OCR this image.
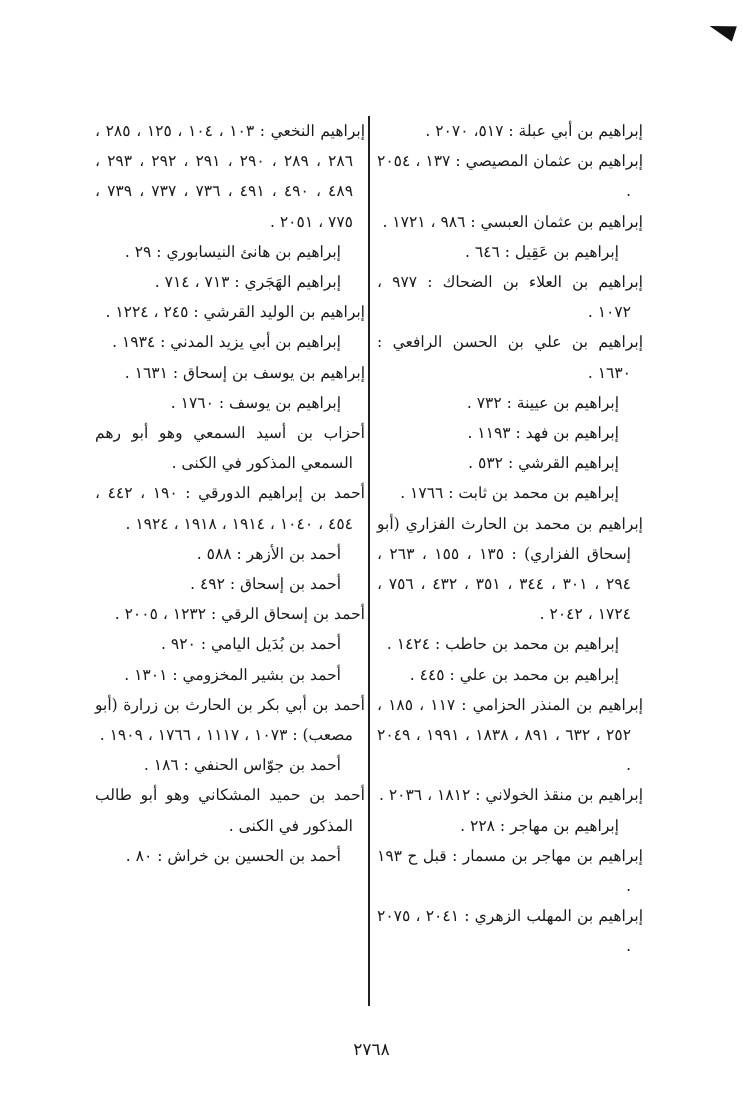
إبراهيم بن أبي عبلة : ٥١٧، ٢٠٧٠ .

إبراهيم بن عثمان المصيصي : ١٣٧ ، ٢٠٥٤ .

إبراهيم بن عثمان العبسي : ٩٨٦ ، ١٧٢١ .

إبراهيم بن عَقِيل : ٦٤٦ .

إبراهيم بن العلاء بن الضحاك : ٩٧٧ ، ١٠٧٢ .

إبراهيم بن علي بن الحسن الرافعي : ١٦٣٠ .

إبراهيم بن عيينة : ٧٣٢ .

إبراهيم بن فهد : ١١٩٣ .

إبراهيم القرشي : ٥٣٢ .

إبراهيم بن محمد بن ثابت : ١٧٦٦ .

إبراهيم بن محمد بن الحارث الفزاري (أبو إسحاق الفزاري) : ١٣٥ ، ١٥٥ ، ٢٦٣ ، ٢٩٤ ، ٣٠١ ، ٣٤٤ ، ٣٥١ ، ٤٣٢ ، ٧٥٦ ، ١٧٢٤ ، ٢٠٤٢ .

إبراهيم بن محمد بن حاطب : ١٤٢٤ .

إبراهيم بن محمد بن علي : ٤٤٥ .

إبراهيم بن المنذر الحزامي : ١١٧ ، ١٨٥ ، ٢٥٢ ، ٦٣٢ ، ٨٩١ ، ١٨٣٨ ، ١٩٩١ ، ٢٠٤٩ .

إبراهيم بن منقذ الخولاني : ١٨١٢ ، ٢٠٣٦ .

إبراهيم بن مهاجر : ٢٢٨ .

إبراهيم بن مهاجر بن مسمار : قبل ح ١٩٣ .

إبراهيم بن المهلب الزهري : ٢٠٤١ ، ٢٠٧٥ .

إبراهيم النخعي : ١٠٣ ، ١٠٤ ، ١٢٥ ، ٢٨٥ ، ٢٨٦ ، ٢٨٩ ، ٢٩٠ ، ٢٩١ ، ٢٩٢ ، ٢٩٣ ، ٤٨٩ ، ٤٩٠ ، ٤٩١ ، ٧٣٦ ، ٧٣٧ ، ٧٣٩ ، ٧٧٥ ، ٢٠٥١ .

إبراهيم بن هانئ النيسابوري : ٢٩ .

إبراهيم الهَجَري : ٧١٣ ، ٧١٤ .

إبراهيم بن الوليد القرشي : ٢٤٥ ، ١٢٢٤ .

إبراهيم بن أبي يزيد المدني : ١٩٣٤ .

إبراهيم بن يوسف بن إسحاق : ١٦٣١ .

إبراهيم بن يوسف : ١٧٦٠ .

أحزاب بن أسيد السمعي وهو أبو رهم السمعي المذكور في الكنى .

أحمد بن إبراهيم الدورقي : ١٩٠ ، ٤٤٢ ، ٤٥٤ ، ١٠٤٠ ، ١٩١٤ ، ١٩١٨ ، ١٩٢٤ .

أحمد بن الأزهر : ٥٨٨ .

أحمد بن إسحاق : ٤٩٢ .

أحمد بن إسحاق الرقي : ١٢٣٢ ، ٢٠٠٥ .

أحمد بن بُدَيل اليامي : ٩٢٠ .

أحمد بن بشير المخزومي : ١٣٠١ .

أحمد بن أبي بكر بن الحارث بن زرارة (أبو مصعب) : ١٠٧٣ ، ١١١٧ ، ١٧٦٦ ، ١٩٠٩ .

أحمد بن جوّاس الحنفي : ١٨٦ .

أحمد بن حميد المشكاني وهو أبو طالب المذكور في الكنى .

أحمد بن الحسين بن خراش : ٨٠ .

٢٧٦٨
